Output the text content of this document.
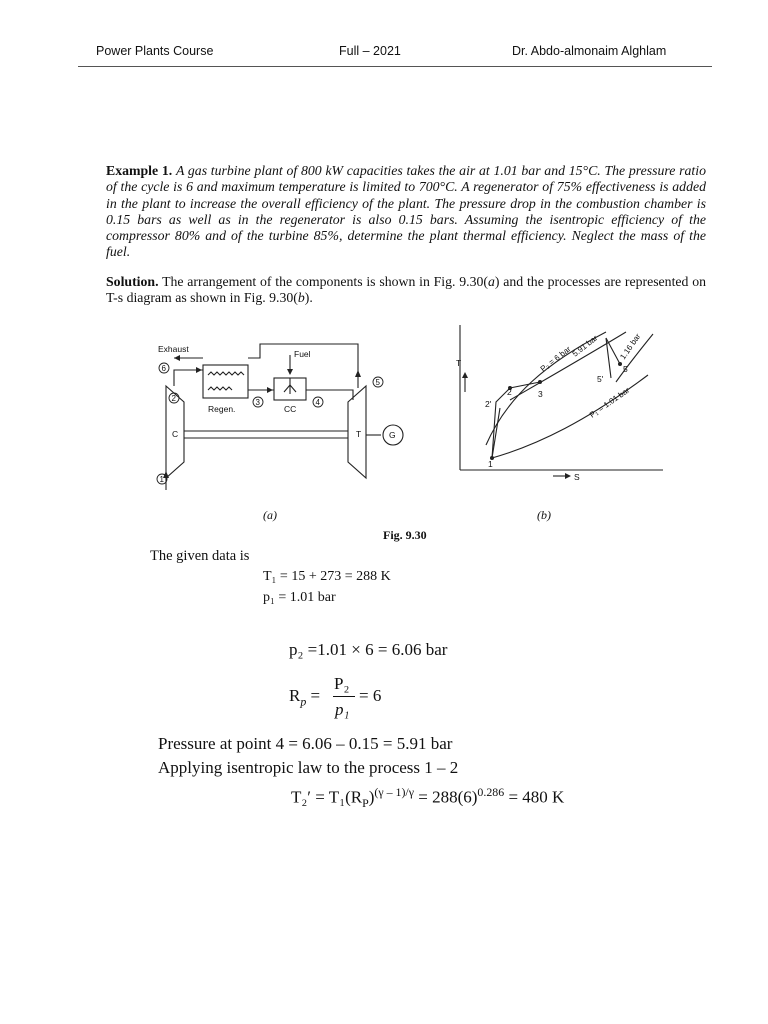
Power Plants Course	Full – 2021	Dr. Abdo-almonaim Alghlam
Example 1. A gas turbine plant of 800 kW capacities takes the air at 1.01 bar and 15°C. The pressure ratio of the cycle is 6 and maximum temperature is limited to 700°C. A regenerator of 75% effectiveness is added in the plant to increase the overall efficiency of the plant. The pressure drop in the combustion chamber is 0.15 bars as well as in the regenerator is also 0.15 bars. Assuming the isentropic efficiency of the compressor 80% and of the turbine 85%, determine the plant thermal efficiency. Neglect the mass of the fuel.
Solution. The arrangement of the components is shown in Fig. 9.30(a) and the processes are represented on T-s diagram as shown in Fig. 9.30(b).
Exhaust	Fuel
Regen.	CC
C	T	G
1
2	3	4
5
6
T
S
1
2'
2	3
5'
5
P₂ = 6 bar
5.91 bar 1.16 bar
P₁ = 1.01 bar
(a)	(b)
Fig. 9.30
The given data is
T₁ = 15 + 273 = 288 K
p₁ = 1.01 bar
p₂ =1.01 × 6 = 6.06 bar
$R_p$ =
P₂
p₁
= 6
Pressure at point 4 = 6.06 – 0.15 = 5.91 bar
Applying isentropic law to the process 1 – 2
$T_2' = T_1(R_P)^{(\gamma - 1)/\gamma} = 288(6)^{0.286} = 480$ K
